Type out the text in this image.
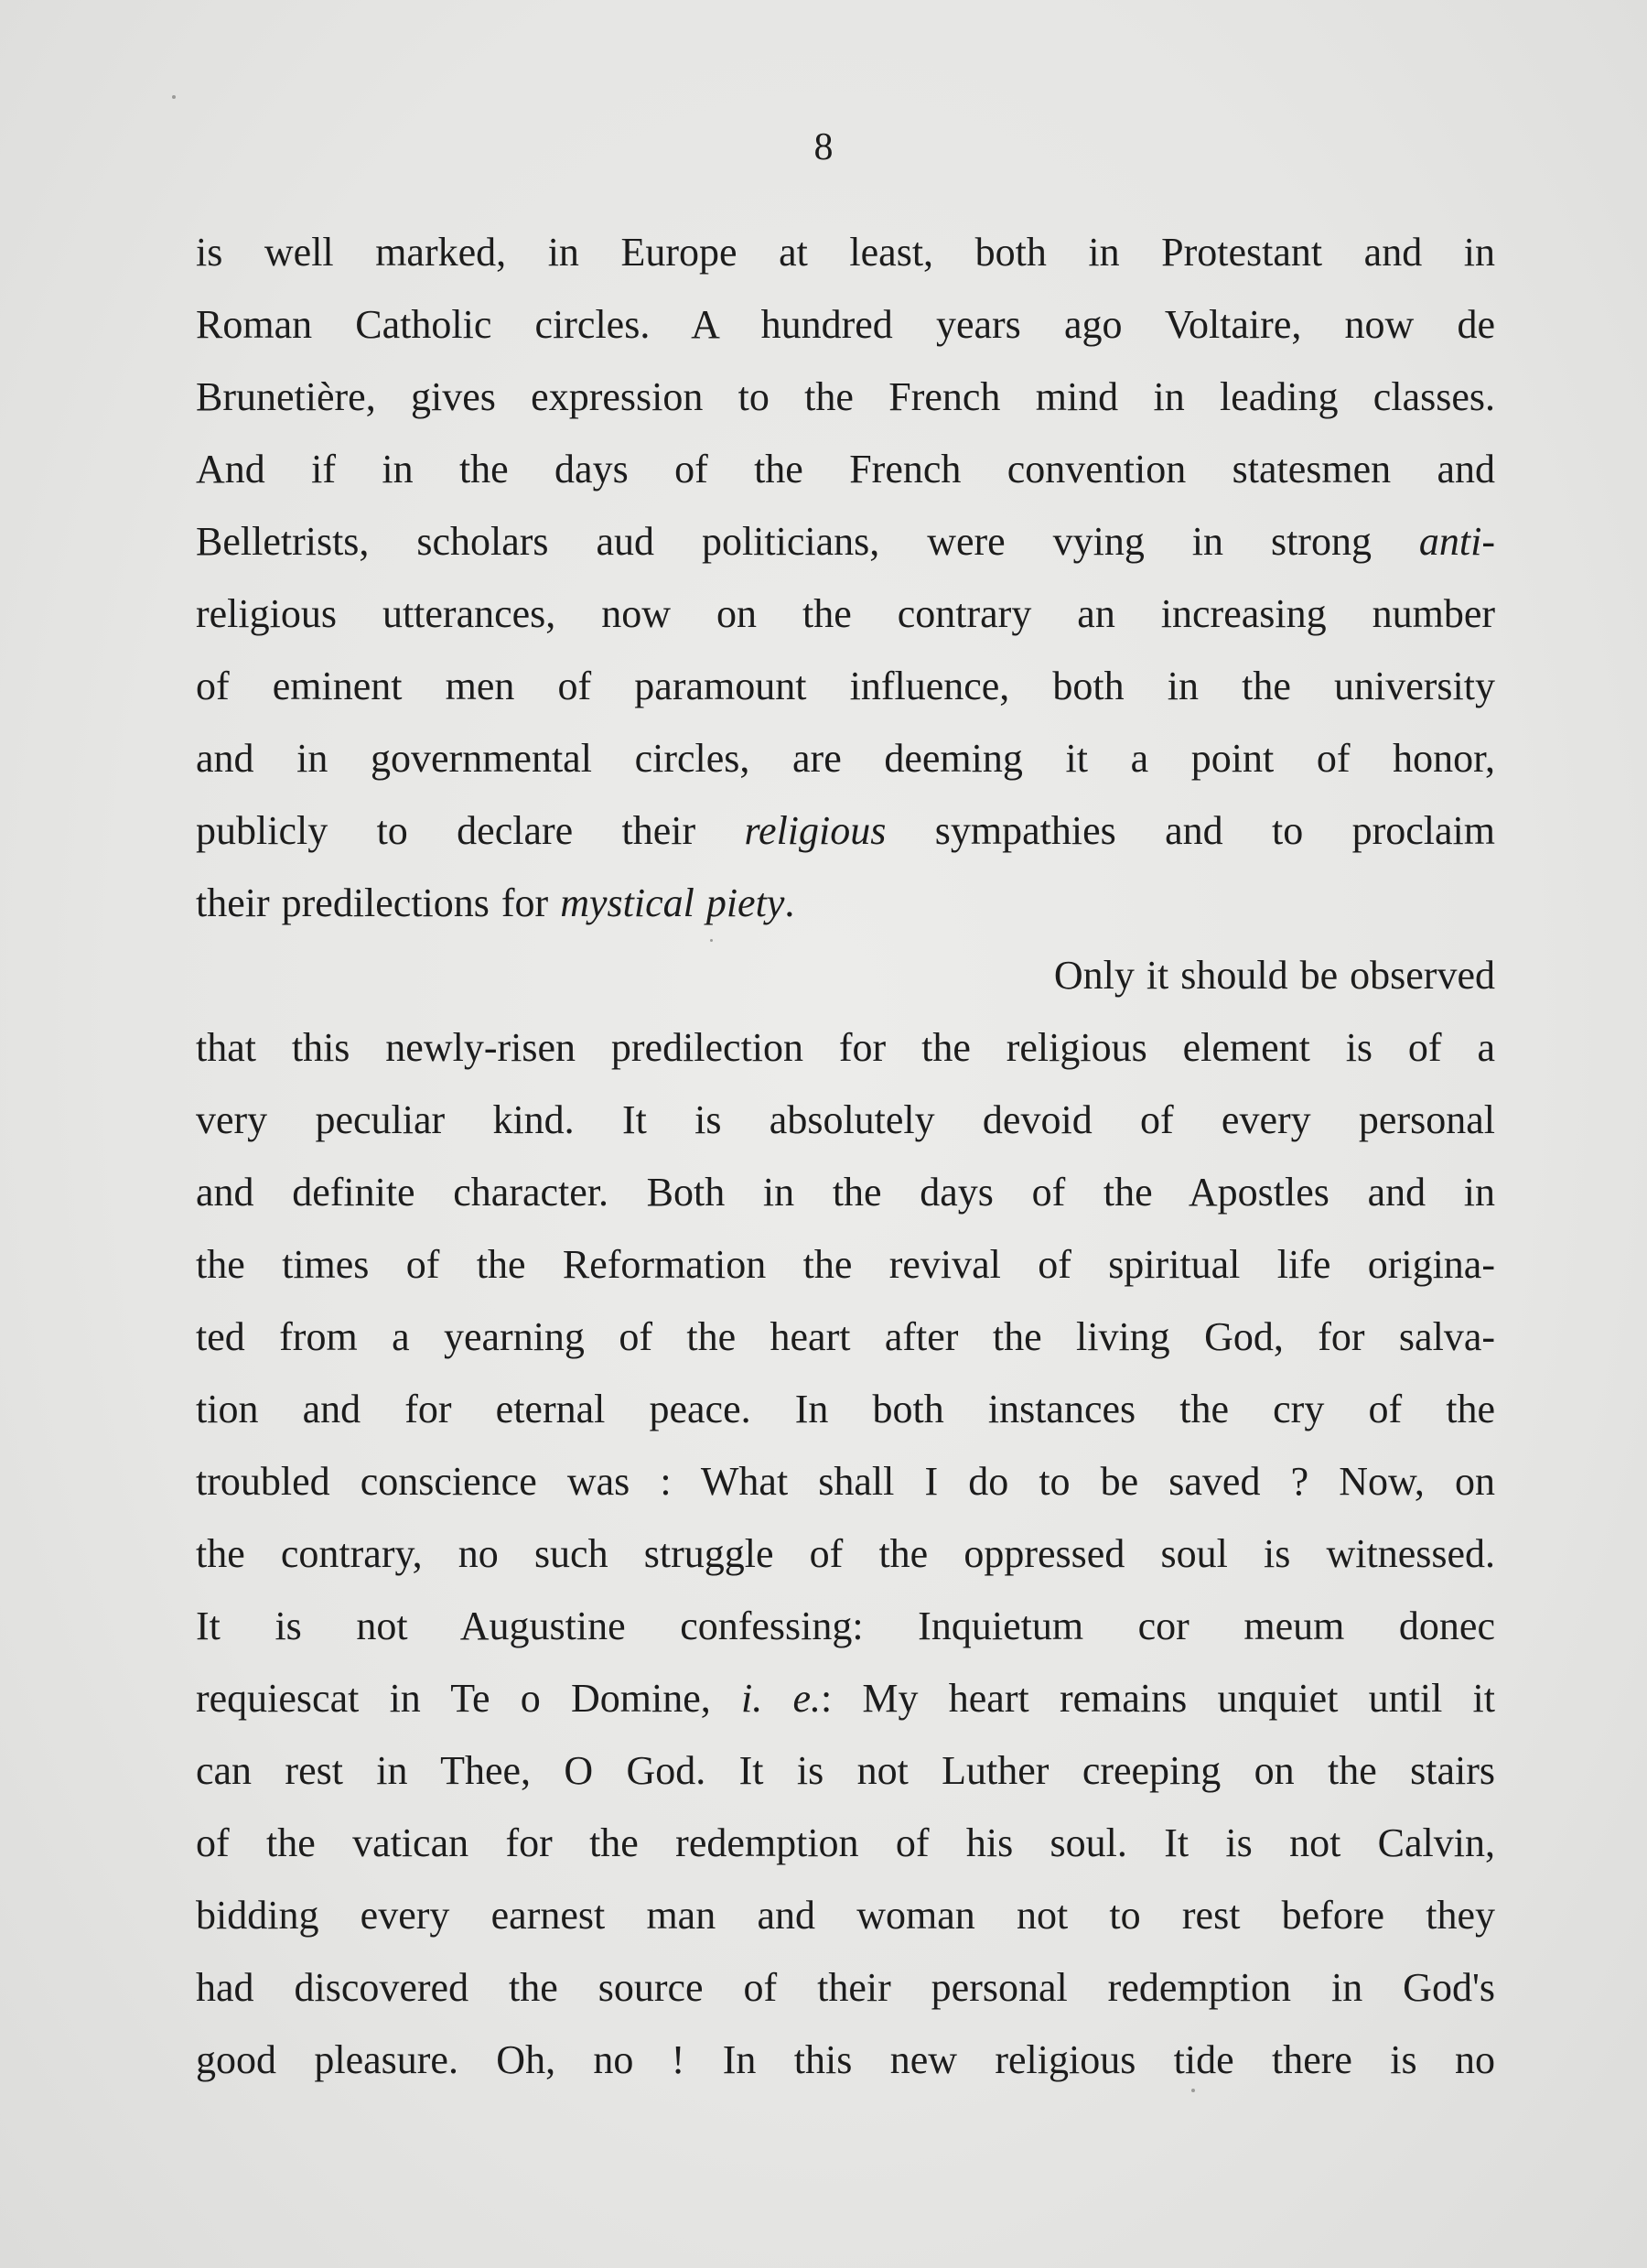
8
is well marked, in Europe at least, both in Protestant and in
Roman Catholic circles. A hundred years ago Voltaire, now de
Brunetière, gives expression to the French mind in leading classes.
And if in the days of the French convention statesmen and
Belletrists, scholars aud politicians, were vying in strong anti-
religious utterances, now on the contrary an increasing number
of eminent men of paramount influence, both in the university
and in governmental circles, are deeming it a point of honor,
publicly to declare their religious sympathies and to proclaim
their predilections for mystical piety.
Only it should be observed
that this newly-risen predilection for the religious element is of a
very peculiar kind. It is absolutely devoid of every personal
and definite character. Both in the days of the Apostles and in
the times of the Reformation the revival of spiritual life origina-
ted from a yearning of the heart after the living God, for salva-
tion and for eternal peace. In both instances the cry of the
troubled conscience was : What shall I do to be saved ? Now, on
the contrary, no such struggle of the oppressed soul is witnessed.
It is not Augustine confessing: Inquietum cor meum donec
requiescat in Te o Domine, i. e.: My heart remains unquiet until it
can rest in Thee, O God. It is not Luther creeping on the stairs
of the vatican for the redemption of his soul. It is not Calvin,
bidding every earnest man and woman not to rest before they
had discovered the source of their personal redemption in God's
good pleasure. Oh, no ! In this new religious tide there is no
